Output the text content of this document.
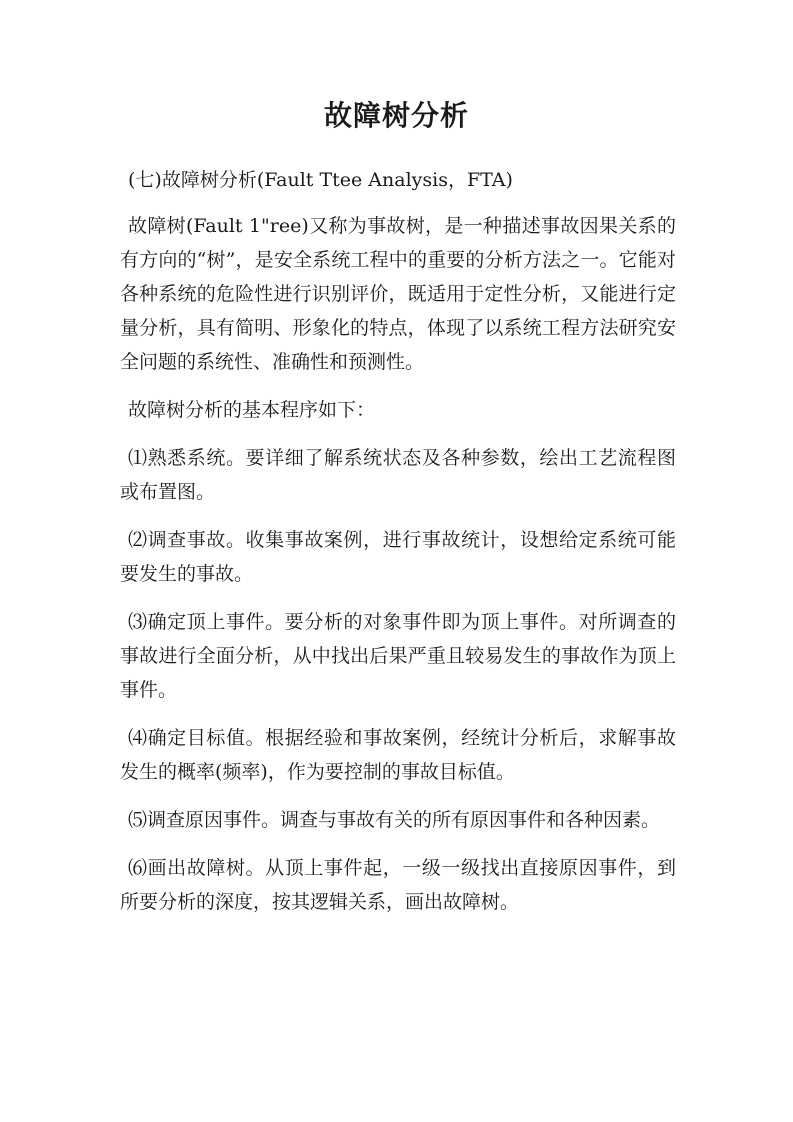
故障树分析

(七)故障树分析(Fault Ttee Analysis，FTA)

故障树(Fault 1"ree)又称为事故树，是一种描述事故因果关系的有方向的“树”，是安全系统工程中的重要的分析方法之一。它能对各种系统的危险性进行识别评价，既适用于定性分析，又能进行定量分析，具有简明、形象化的特点，体现了以系统工程方法研究安全问题的系统性、准确性和预测性。

故障树分析的基本程序如下：

⑴熟悉系统。要详细了解系统状态及各种参数，绘出工艺流程图或布置图。

⑵调查事故。收集事故案例，进行事故统计，设想给定系统可能要发生的事故。

⑶确定顶上事件。要分析的对象事件即为顶上事件。对所调查的事故进行全面分析，从中找出后果严重且较易发生的事故作为顶上事件。

⑷确定目标值。根据经验和事故案例，经统计分析后，求解事故发生的概率(频率)，作为要控制的事故目标值。

⑸调查原因事件。调查与事故有关的所有原因事件和各种因素。

⑹画出故障树。从顶上事件起，一级一级找出直接原因事件，到所要分析的深度，按其逻辑关系，画出故障树。
